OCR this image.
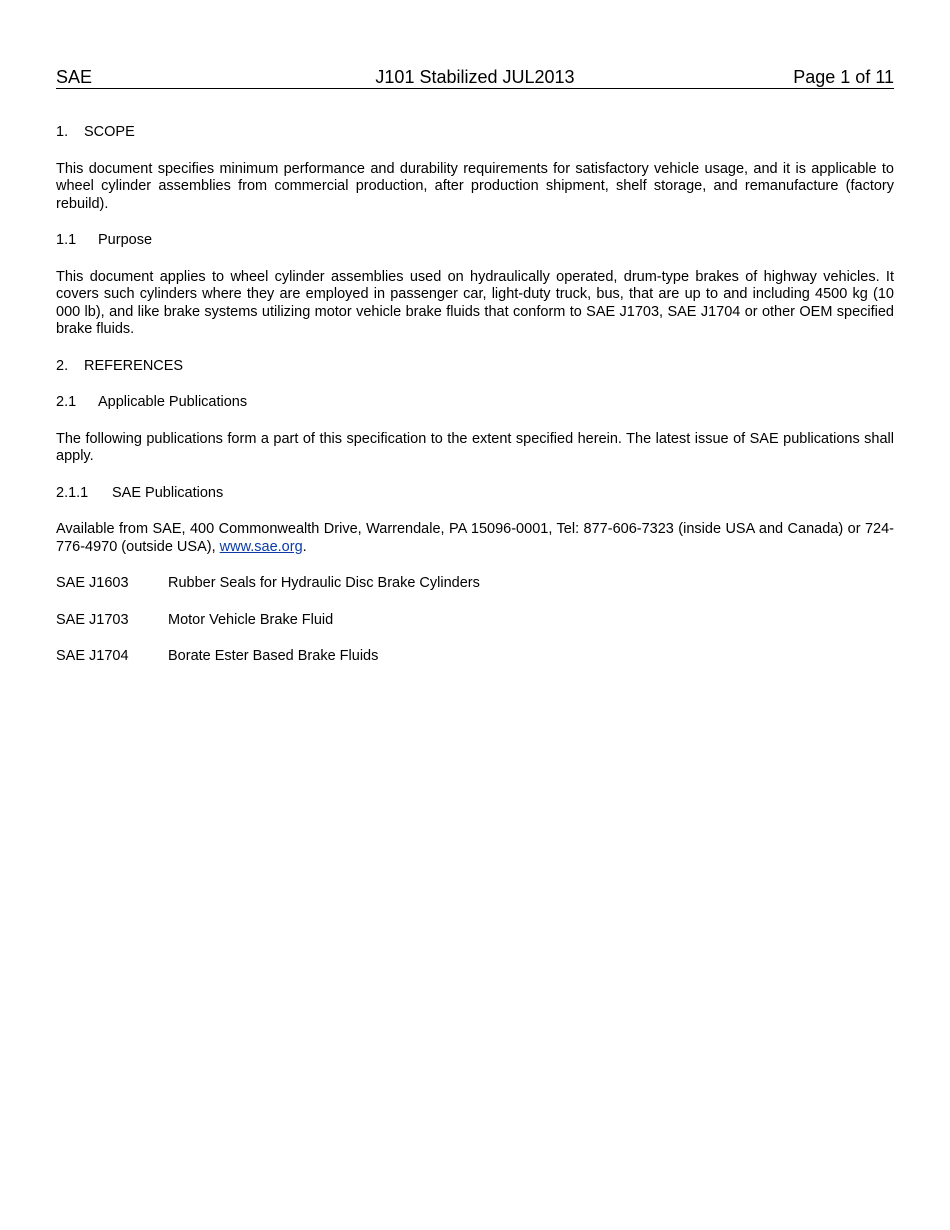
SAE	J101 Stabilized JUL2013	Page 1 of 11
1. SCOPE
This document specifies minimum performance and durability requirements for satisfactory vehicle usage, and it is applicable to wheel cylinder assemblies from commercial production, after production shipment, shelf storage, and remanufacture (factory rebuild).
1.1 Purpose
This document applies to wheel cylinder assemblies used on hydraulically operated, drum-type brakes of highway vehicles. It covers such cylinders where they are employed in passenger car, light-duty truck, bus, that are up to and including 4500 kg (10 000 lb), and like brake systems utilizing motor vehicle brake fluids that conform to SAE J1703, SAE J1704 or other OEM specified brake fluids.
2. REFERENCES
2.1 Applicable Publications
The following publications form a part of this specification to the extent specified herein. The latest issue of SAE publications shall apply.
2.1.1 SAE Publications
Available from SAE, 400 Commonwealth Drive, Warrendale, PA 15096-0001, Tel: 877-606-7323 (inside USA and Canada) or 724-776-4970 (outside USA), www.sae.org.
SAE J1603	Rubber Seals for Hydraulic Disc Brake Cylinders
SAE J1703	Motor Vehicle Brake Fluid
SAE J1704	Borate Ester Based Brake Fluids
